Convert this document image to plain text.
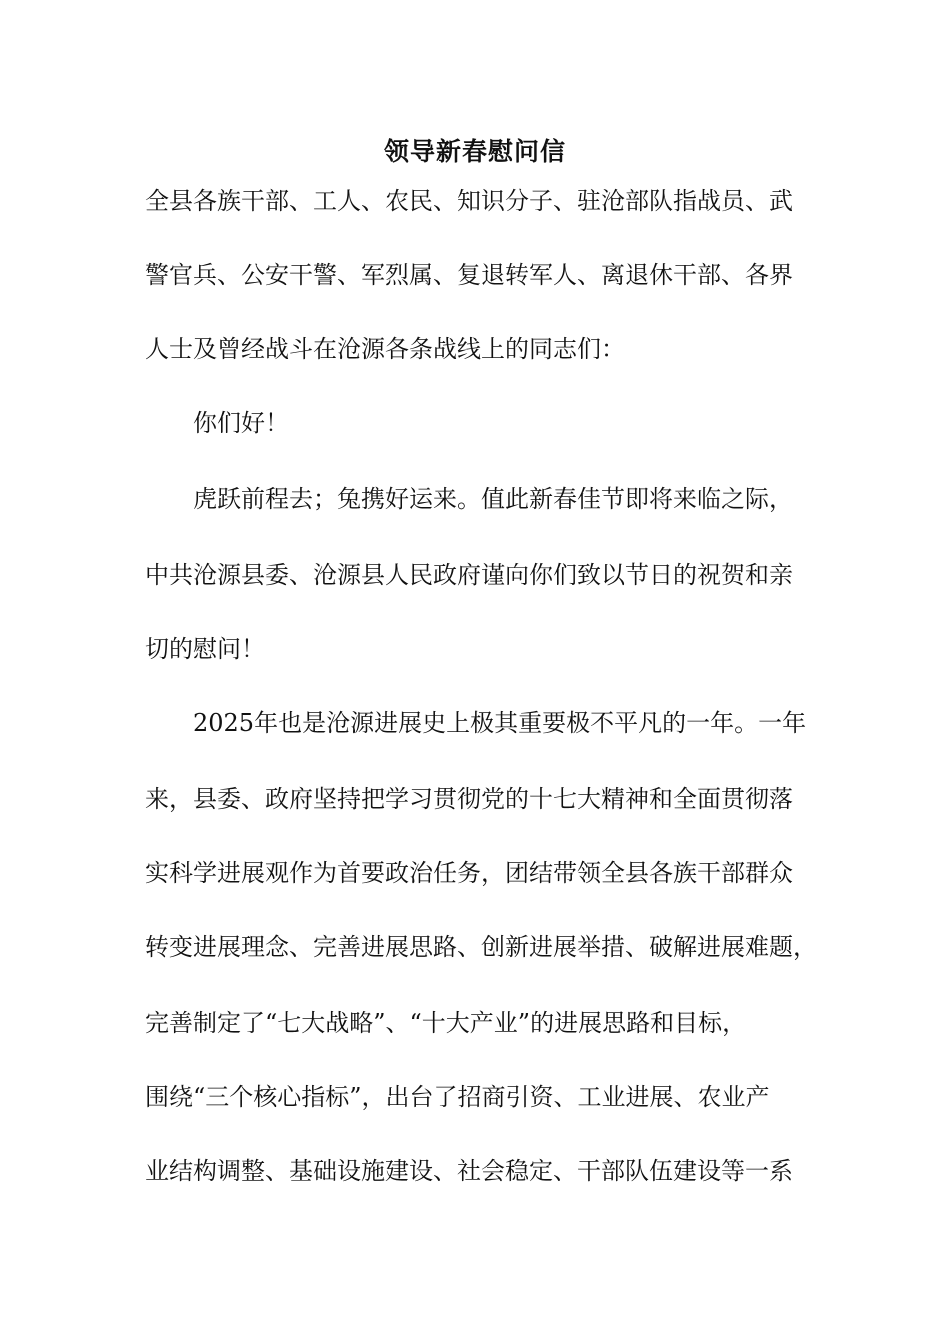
领导新春慰问信
全县各族干部、工人、农民、知识分子、驻沧部队指战员、武
警官兵、公安干警、军烈属、复退转军人、离退休干部、各界
人士及曾经战斗在沧源各条战线上的同志们：
　　你们好！
　　虎跃前程去；兔携好运来。值此新春佳节即将来临之际，
中共沧源县委、沧源县人民政府谨向你们致以节日的祝贺和亲
切的慰问！
　　2025年也是沧源进展史上极其重要极不平凡的一年。一年
来，县委、政府坚持把学习贯彻党的十七大精神和全面贯彻落
实科学进展观作为首要政治任务，团结带领全县各族干部群众
转变进展理念、完善进展思路、创新进展举措、破解进展难题，
完善制定了“七大战略”、“十大产业”的进展思路和目标，
围绕“三个核心指标”，出台了招商引资、工业进展、农业产
业结构调整、基础设施建设、社会稳定、干部队伍建设等一系
